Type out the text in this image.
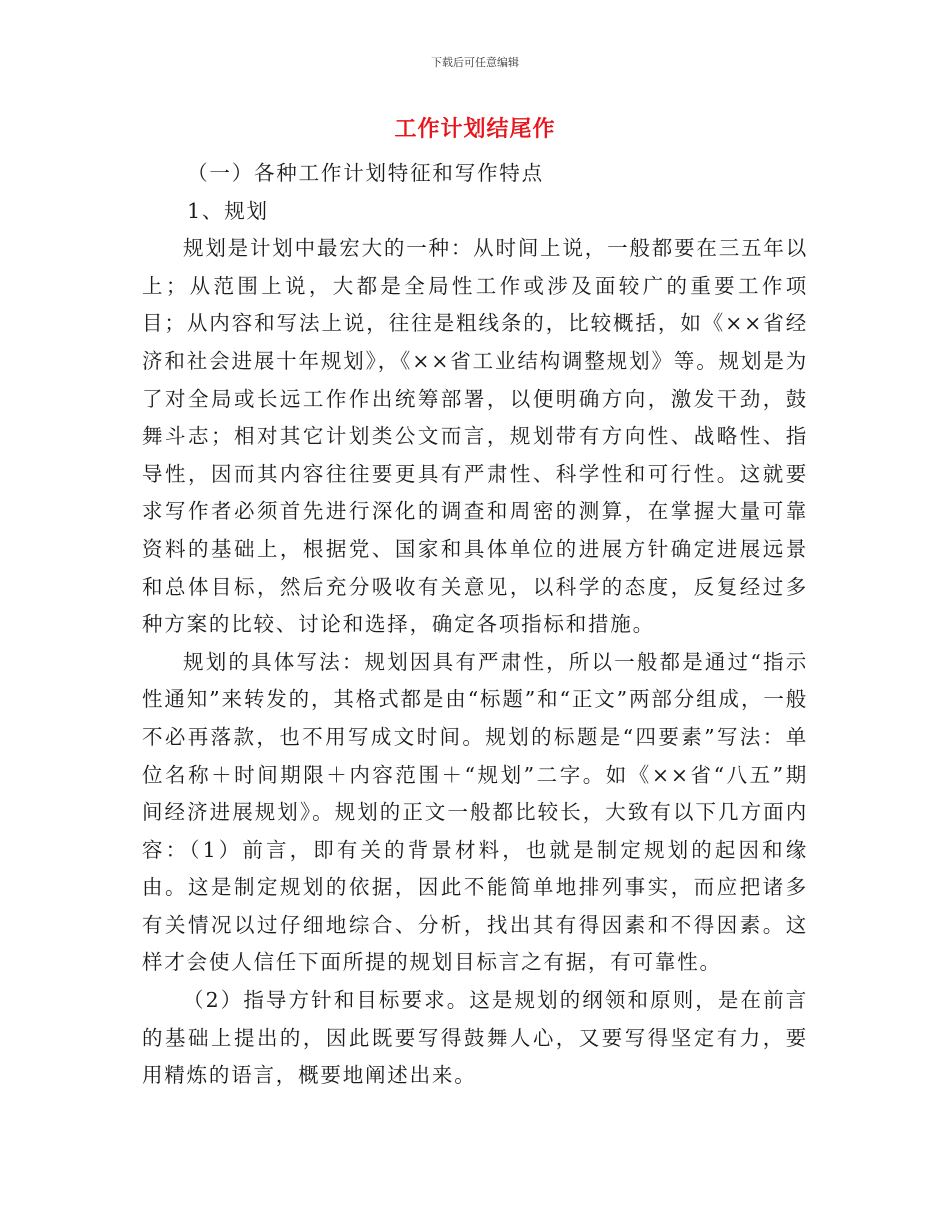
下载后可任意编辑
工作计划结尾作

（一）各种工作计划特征和写作特点

1、规划

规划是计划中最宏大的一种：从时间上说，一般都要在三五年以上；从范围上说，大都是全局性工作或涉及面较广的重要工作项目；从内容和写法上说，往往是粗线条的，比较概括，如《××省经济和社会进展十年规划》，《××省工业结构调整规划》等。规划是为了对全局或长远工作作出统筹部署，以便明确方向，激发干劲，鼓舞斗志；相对其它计划类公文而言，规划带有方向性、战略性、指导性，因而其内容往往要更具有严肃性、科学性和可行性。这就要求写作者必须首先进行深化的调查和周密的测算，在掌握大量可靠资料的基础上，根据党、国家和具体单位的进展方针确定进展远景和总体目标，然后充分吸收有关意见，以科学的态度，反复经过多种方案的比较、讨论和选择，确定各项指标和措施。

规划的具体写法：规划因具有严肃性，所以一般都是通过“指示性通知”来转发的，其格式都是由“标题”和“正文”两部分组成，一般不必再落款，也不用写成文时间。规划的标题是“四要素”写法：单位名称＋时间期限＋内容范围＋“规划”二字。如《××省“八五”期间经济进展规划》。规划的正文一般都比较长，大致有以下几方面内容：（1）前言，即有关的背景材料，也就是制定规划的起因和缘由。这是制定规划的依据，因此不能简单地排列事实，而应把诸多有关情况以过仔细地综合、分析，找出其有得因素和不得因素。这样才会使人信任下面所提的规划目标言之有据，有可靠性。

（2）指导方针和目标要求。这是规划的纲领和原则，是在前言的基础上提出的，因此既要写得鼓舞人心，又要写得坚定有力，要用精炼的语言，概要地阐述出来。
